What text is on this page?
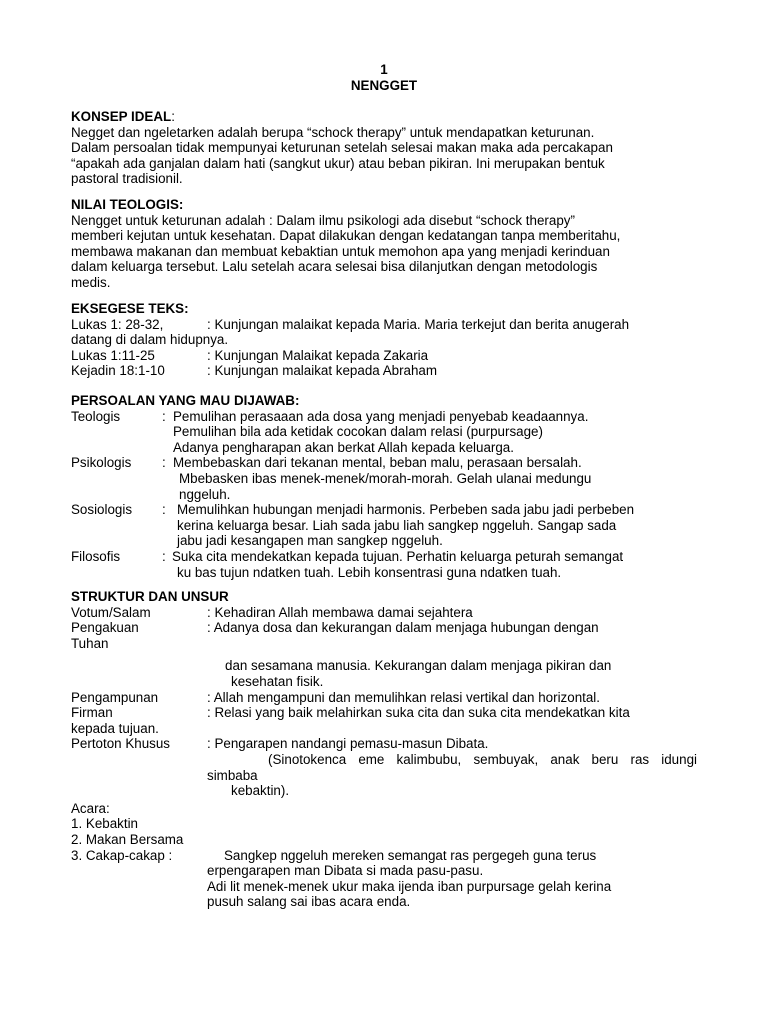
1
NENGGET
KONSEP IDEAL:
Negget dan ngeletarken adalah berupa “schock therapy” untuk mendapatkan keturunan.
Dalam persoalan tidak mempunyai keturunan setelah selesai makan maka ada percakapan
“apakah ada ganjalan dalam hati (sangkut ukur) atau beban pikiran. Ini merupakan bentuk
pastoral tradisionil.
NILAI TEOLOGIS:
Nengget untuk keturunan adalah : Dalam ilmu psikologi ada disebut “schock therapy”
memberi kejutan untuk kesehatan. Dapat dilakukan dengan kedatangan tanpa memberitahu,
membawa makanan dan membuat kebaktian untuk memohon apa yang menjadi kerinduan
dalam keluarga tersebut. Lalu setelah acara selesai bisa dilanjutkan dengan metodologis
medis.
EKSEGESE TEKS:
Lukas 1: 28-32,	: Kunjungan malaikat kepada Maria. Maria terkejut dan berita anugerah
datang di dalam hidupnya.
Lukas 1:11-25	: Kunjungan Malaikat kepada Zakaria
Kejadin 18:1-10	: Kunjungan malaikat kepada Abraham
PERSOALAN YANG MAU DIJAWAB:
Teologis	: Pemulihan perasaaan ada dosa yang menjadi penyebab keadaannya.
Pemulihan bila ada ketidak cocokan dalam relasi (purpursage)
Adanya pengharapan akan berkat Allah kepada keluarga.
Psikologis	: Membebaskan dari tekanan mental, beban malu, perasaan bersalah.
Mbebasken ibas menek-menek/morah-morah. Gelah ulanai medungu
nggeluh.
Sosiologis	: Memulihkan hubungan menjadi harmonis. Perbeben sada jabu jadi perbeben
kerina keluarga besar. Liah sada jabu liah sangkep nggeluh. Sangap sada
jabu jadi kesangapen man sangkep nggeluh.
Filosofis	: Suka cita mendekatkan kepada tujuan. Perhatin keluarga peturah semangat
ku bas tujun ndatken tuah. Lebih konsentrasi guna ndatken tuah.
STRUKTUR DAN UNSUR
Votum/Salam	: Kehadiran Allah membawa damai sejahtera
Pengakuan	: Adanya dosa dan kekurangan dalam menjaga hubungan dengan
Tuhan
dan sesamana manusia. Kekurangan dalam menjaga pikiran dan
kesehatan fisik.
Pengampunan	: Allah mengampuni dan memulihkan relasi vertikal dan horizontal.
Firman	: Relasi yang baik melahirkan suka cita dan suka cita mendekatkan kita
kepada tujuan.
Pertoton Khusus	: Pengarapen nandangi pemasu-masun Dibata.
(Sinotokenca eme kalimbubu, sembuyak, anak beru ras idungi
simbaba
kebaktin).
Acara:
1. Kebaktin
2. Makan Bersama
3. Cakap-cakap :	Sangkep nggeluh mereken semangat ras pergegeh guna terus
erpengarapen man Dibata si mada pasu-pasu.
Adi lit menek-menek ukur maka ijenda iban purpursage gelah kerina
pusuh salang sai ibas acara enda.
